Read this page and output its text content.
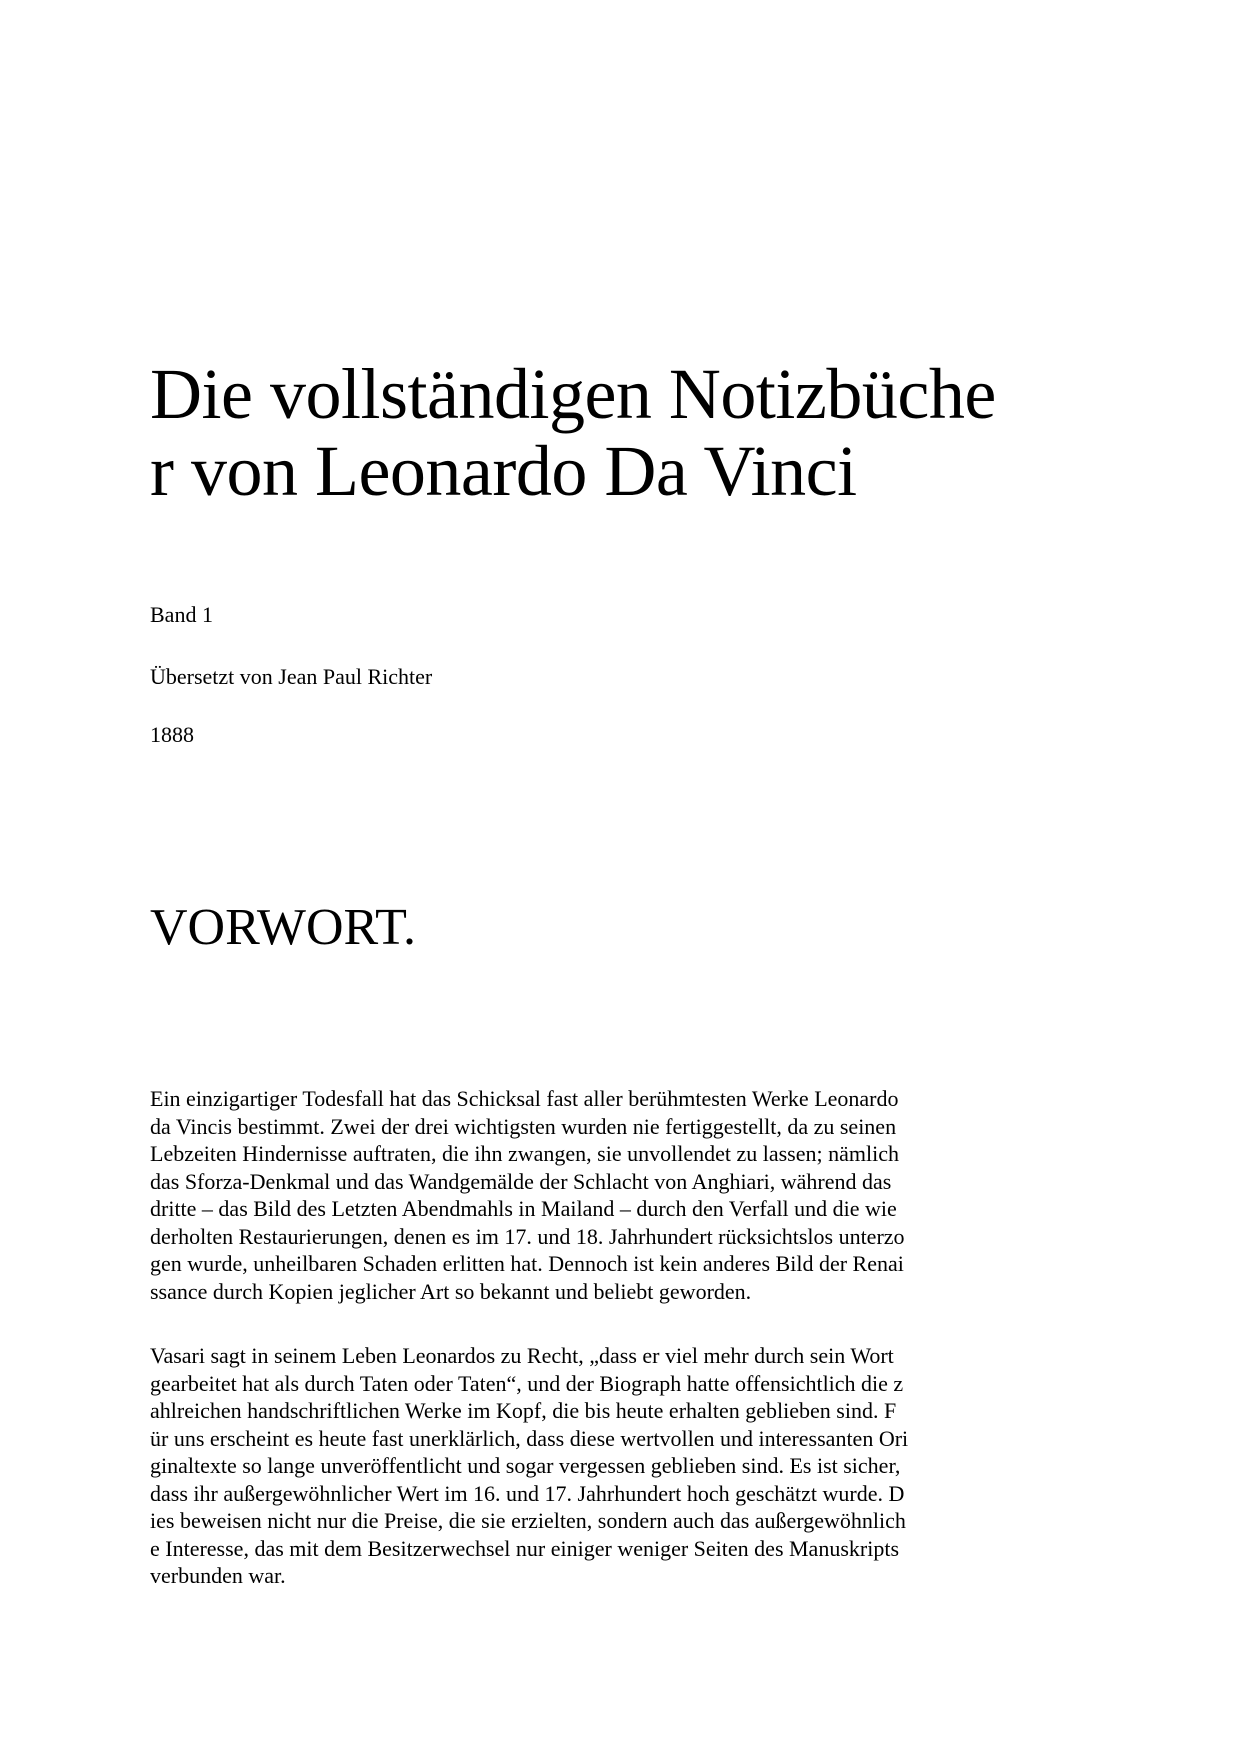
Die vollständigen Notizbüche
r von Leonardo Da Vinci

Band 1

Übersetzt von Jean Paul Richter

1888

VORWORT.
Ein einzigartiger Todesfall hat das Schicksal fast aller berühmtesten Werke Leonardo
da Vincis bestimmt. Zwei der drei wichtigsten wurden nie fertiggestellt, da zu seinen
Lebzeiten Hindernisse auftraten, die ihn zwangen, sie unvollendet zu lassen; nämlich
das Sforza-Denkmal und das Wandgemälde der Schlacht von Anghiari, während das
dritte – das Bild des Letzten Abendmahls in Mailand – durch den Verfall und die wie
derholten Restaurierungen, denen es im 17. und 18. Jahrhundert rücksichtslos unterzo
gen wurde, unheilbaren Schaden erlitten hat. Dennoch ist kein anderes Bild der Renai
ssance durch Kopien jeglicher Art so bekannt und beliebt geworden.
Vasari sagt in seinem Leben Leonardos zu Recht, „dass er viel mehr durch sein Wort
gearbeitet hat als durch Taten oder Taten“, und der Biograph hatte offensichtlich die z
ahlreichen handschriftlichen Werke im Kopf, die bis heute erhalten geblieben sind. F
ür uns erscheint es heute fast unerklärlich, dass diese wertvollen und interessanten Ori
ginaltexte so lange unveröffentlicht und sogar vergessen geblieben sind. Es ist sicher,
dass ihr außergewöhnlicher Wert im 16. und 17. Jahrhundert hoch geschätzt wurde. D
ies beweisen nicht nur die Preise, die sie erzielten, sondern auch das außergewöhnlich
e Interesse, das mit dem Besitzerwechsel nur einiger weniger Seiten des Manuskripts
verbunden war.
